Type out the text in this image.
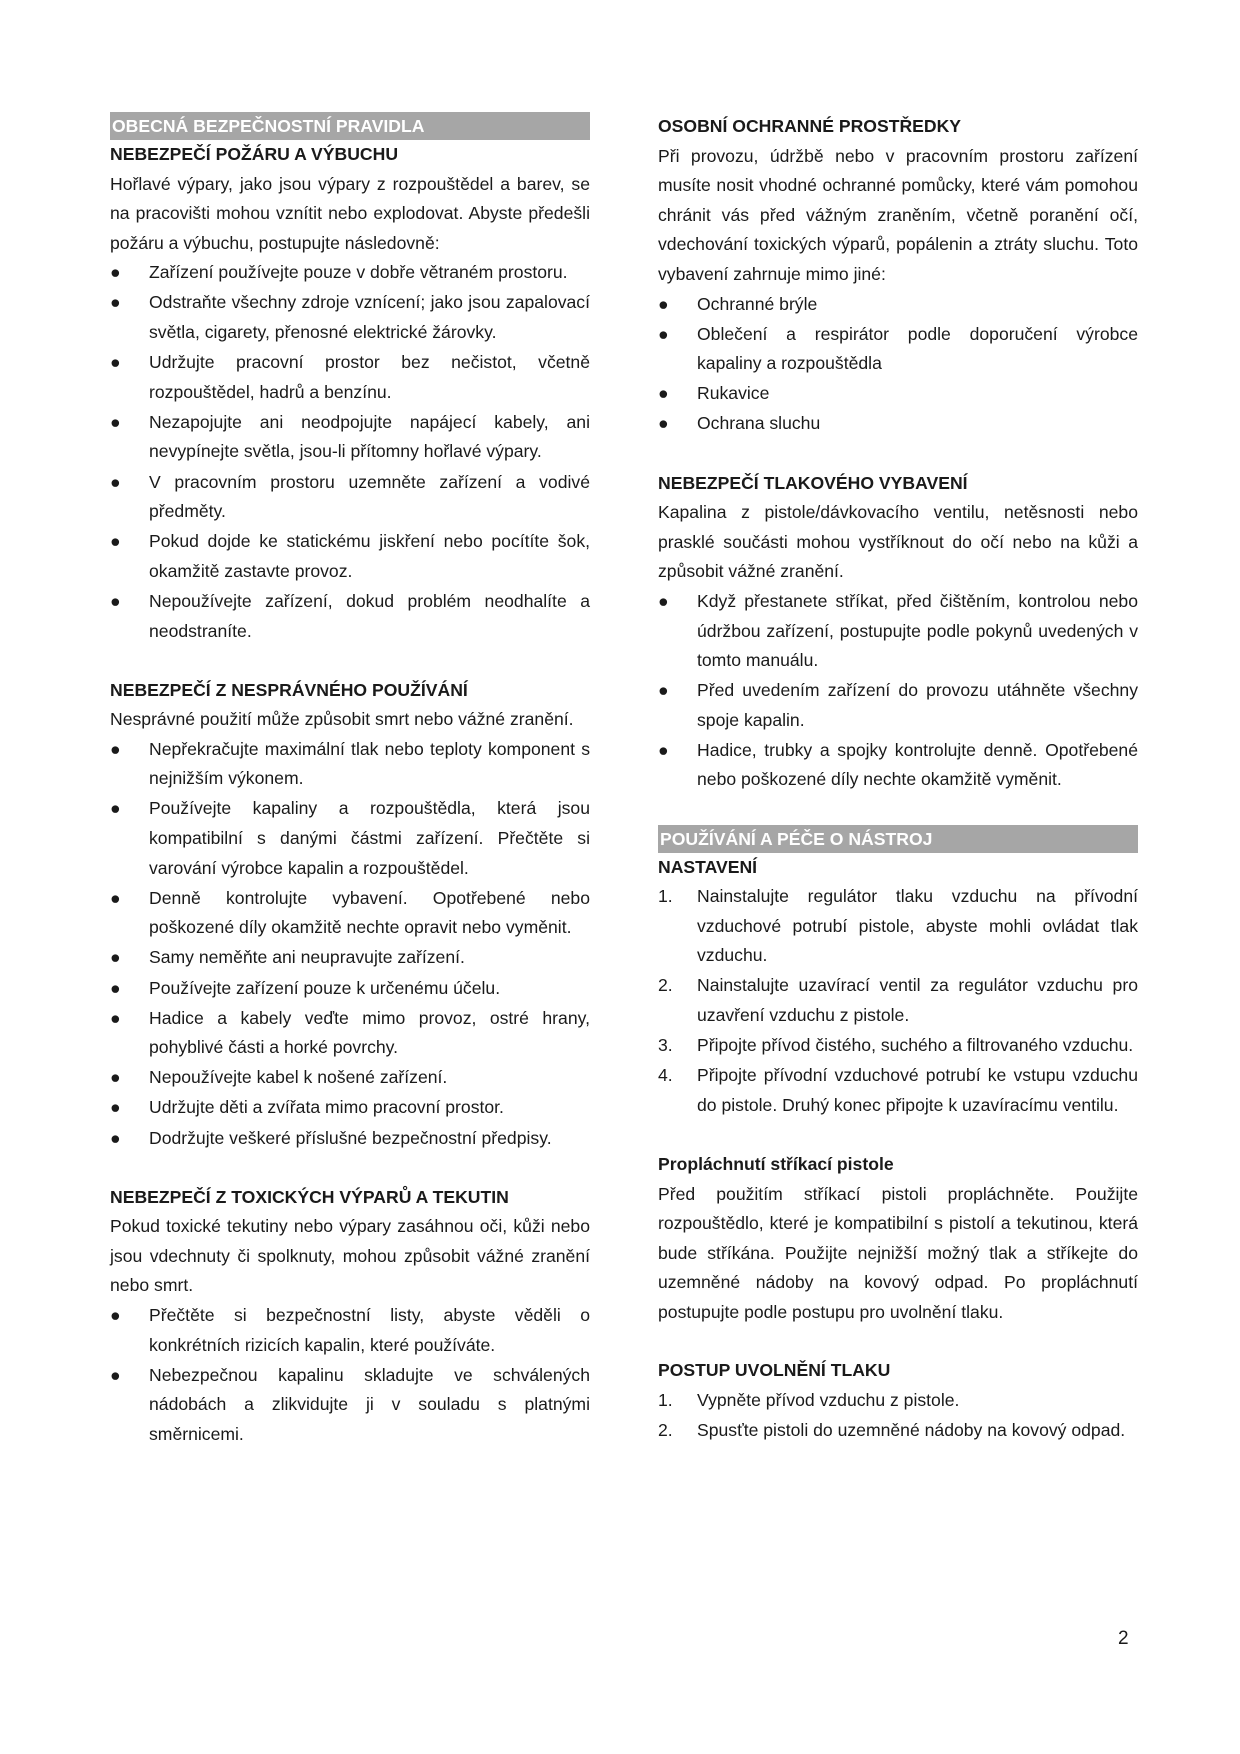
OBECNÁ BEZPEČNOSTNÍ PRAVIDLA
NEBEZPEČÍ POŽÁRU A VÝBUCHU
Hořlavé výpary, jako jsou výpary z rozpouštědel a barev, se na pracovišti mohou vznítit nebo explodovat. Abyste předešli požáru a výbuchu, postupujte následovně:
●	Zařízení používejte pouze v dobře větraném prostoru.
●	Odstraňte všechny zdroje vznícení; jako jsou zapalovací světla, cigarety, přenosné elektrické žárovky.
●	Udržujte pracovní prostor bez nečistot, včetně rozpouštědel, hadrů a benzínu.
●	Nezapojujte ani neodpojujte napájecí kabely, ani nevypínejte světla, jsou-li přítomny hořlavé výpary.
●	V pracovním prostoru uzemněte zařízení a vodivé předměty.
●	Pokud dojde ke statickému jiskření nebo pocítíte šok, okamžitě zastavte provoz.
●	Nepoužívejte zařízení, dokud problém neodhalíte a neodstraníte.
NEBEZPEČÍ Z NESPRÁVNÉHO POUŽÍVÁNÍ
Nesprávné použití může způsobit smrt nebo vážné zranění.
●	Nepřekračujte maximální tlak nebo teploty komponent s nejnižším výkonem.
●	Používejte kapaliny a rozpouštědla, která jsou kompatibilní s danými částmi zařízení. Přečtěte si varování výrobce kapalin a rozpouštědel.
●	Denně kontrolujte vybavení. Opotřebené nebo poškozené díly okamžitě nechte opravit nebo vyměnit.
●	Samy neměňte ani neupravujte zařízení.
●	Používejte zařízení pouze k určenému účelu.
●	Hadice a kabely veďte mimo provoz, ostré hrany, pohyblivé části a horké povrchy.
●	Nepoužívejte kabel k nošené zařízení.
●	Udržujte děti a zvířata mimo pracovní prostor.
●	Dodržujte veškeré příslušné bezpečnostní předpisy.
NEBEZPEČÍ Z TOXICKÝCH VÝPARŮ A TEKUTIN
Pokud toxické tekutiny nebo výpary zasáhnou oči, kůži nebo jsou vdechnuty či spolknuty, mohou způsobit vážné zranění nebo smrt.
●	Přečtěte si bezpečnostní listy, abyste věděli o konkrétních rizicích kapalin, které používáte.
●	Nebezpečnou kapalinu skladujte ve schválených nádobách a zlikvidujte ji v souladu s platnými směrnicemi.
OSOBNÍ OCHRANNÉ PROSTŘEDKY
Při provozu, údržbě nebo v pracovním prostoru zařízení musíte nosit vhodné ochranné pomůcky, které vám pomohou chránit vás před vážným zraněním, včetně poranění očí, vdechování toxických výparů, popálenin a ztráty sluchu. Toto vybavení zahrnuje mimo jiné:
●	Ochranné brýle
●	Oblečení a respirátor podle doporučení výrobce kapaliny a rozpouštědla
●	Rukavice
●	Ochrana sluchu
NEBEZPEČÍ TLAKOVÉHO VYBAVENÍ
Kapalina z pistole/dávkovacího ventilu, netěsnosti nebo prasklé součásti mohou vystříknout do očí nebo na kůži a způsobit vážné zranění.
●	Když přestanete stříkat, před čištěním, kontrolou nebo údržbou zařízení, postupujte podle pokynů uvedených v tomto manuálu.
●	Před uvedením zařízení do provozu utáhněte všechny spoje kapalin.
●	Hadice, trubky a spojky kontrolujte denně. Opotřebené nebo poškozené díly nechte okamžitě vyměnit.
POUŽÍVÁNÍ A PÉČE O NÁSTROJ
NASTAVENÍ
1.	Nainstalujte regulátor tlaku vzduchu na přívodní vzduchové potrubí pistole, abyste mohli ovládat tlak vzduchu.
2.	Nainstalujte uzavírací ventil za regulátor vzduchu pro uzavření vzduchu z pistole.
3.	Připojte přívod čistého, suchého a filtrovaného vzduchu.
4.	Připojte přívodní vzduchové potrubí ke vstupu vzduchu do pistole. Druhý konec připojte k uzavíracímu ventilu.
Propláchnutí stříkací pistole
Před použitím stříkací pistoli propláchněte. Použijte rozpouštědlo, které je kompatibilní s pistolí a tekutinou, která bude stříkána. Použijte nejnižší možný tlak a stříkejte do uzemněné nádoby na kovový odpad. Po propláchnutí postupujte podle postupu pro uvolnění tlaku.
POSTUP UVOLNĚNÍ TLAKU
1.	Vypněte přívod vzduchu z pistole.
2.	Spusťte pistoli do uzemněné nádoby na kovový odpad.
2
